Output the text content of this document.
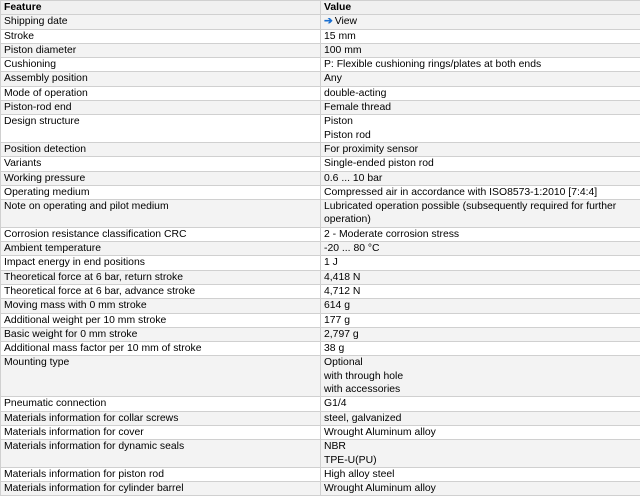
Feature	Value
Shipping date	➔ View
Stroke	15 mm

Piston diameter	100 mm

Cushioning	P: Flexible cushioning rings/plates at both ends

Assembly position	Any

Mode of operation	double-acting

Piston-rod end	Female thread

Design structure	Piston
Piston rod

Position detection	For proximity sensor

Variants	Single-ended piston rod

Working pressure	0.6 ... 10 bar

Operating medium	Compressed air in accordance with ISO8573-1:2010 [7:4:4]

Note on operating and pilot medium	Lubricated operation possible (subsequently required for further operation)

Corrosion resistance classification CRC	2 - Moderate corrosion stress

Ambient temperature	-20 ... 80 °C

Impact energy in end positions	1 J

Theoretical force at 6 bar, return stroke	4,418 N

Theoretical force at 6 bar, advance stroke	4,712 N

Moving mass with 0 mm stroke	614 g

Additional weight per 10 mm stroke	177 g

Basic weight for 0 mm stroke	2,797 g

Additional mass factor per 10 mm of stroke	38 g

Mounting type	Optional
with through hole
with accessories

Pneumatic connection	G1/4

Materials information for collar screws	steel, galvanized

Materials information for cover	Wrought Aluminum alloy

Materials information for dynamic seals	NBR
TPE-U(PU)

Materials information for piston rod	High alloy steel

Materials information for cylinder barrel	Wrought Aluminum alloy
